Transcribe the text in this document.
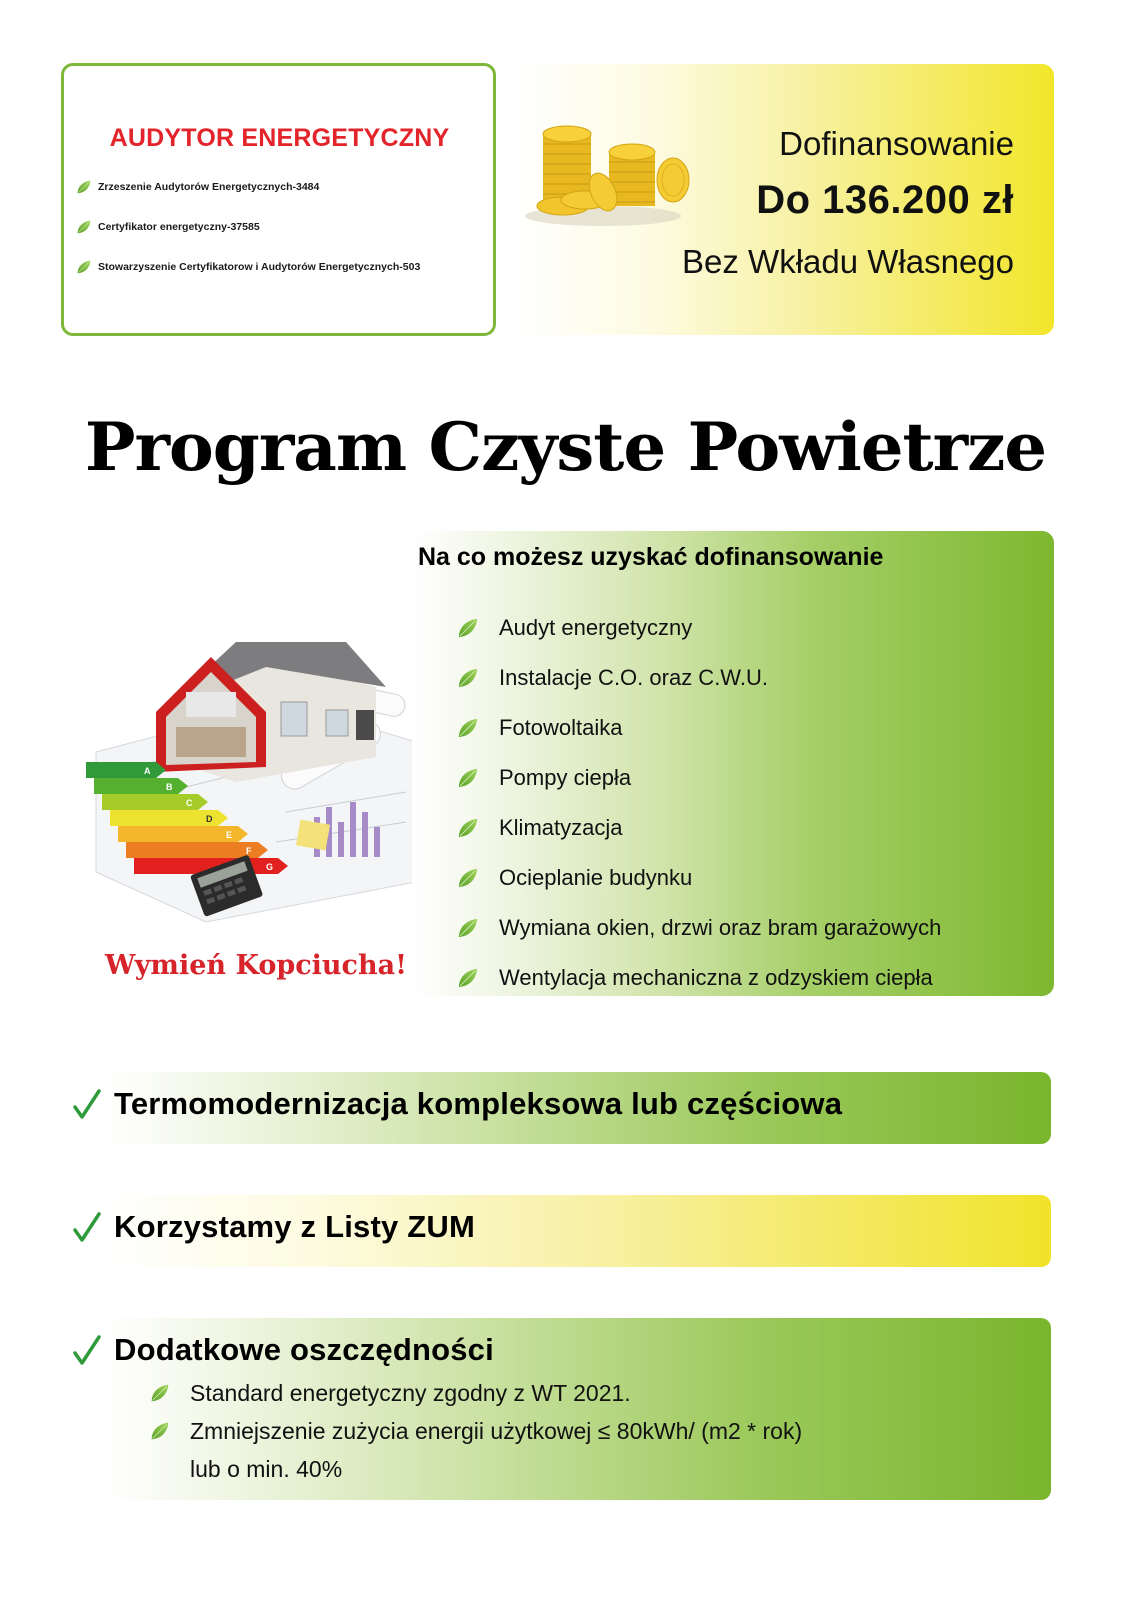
AUDYTOR ENERGETYCZNY
Zrzeszenie Audytorów Energetycznych-3484
Certyfikator energetyczny-37585
Stowarzyszenie Certyfikatorow i Audytorów Energetycznych-503
Dofinansowanie
Do 136.200 zł
Bez Wkładu Własnego
Program Czyste Powietrze
A
B
C
D
E
F
G
Wymień Kopciucha!
Na co możesz uzyskać dofinansowanie
Audyt energetyczny
Instalacje C.O. oraz C.W.U.
Fotowoltaika
Pompy ciepła
Klimatyzacja
Ocieplanie budynku
Wymiana okien, drzwi oraz bram garażowych
Wentylacja mechaniczna z odzyskiem ciepła
Termomodernizacja kompleksowa lub częściowa
Korzystamy z Listy ZUM
Dodatkowe oszczędności
Standard energetyczny zgodny z WT 2021.
Zmniejszenie zużycia energii użytkowej ≤ 80kWh/ (m2 * rok)
lub o min. 40%
